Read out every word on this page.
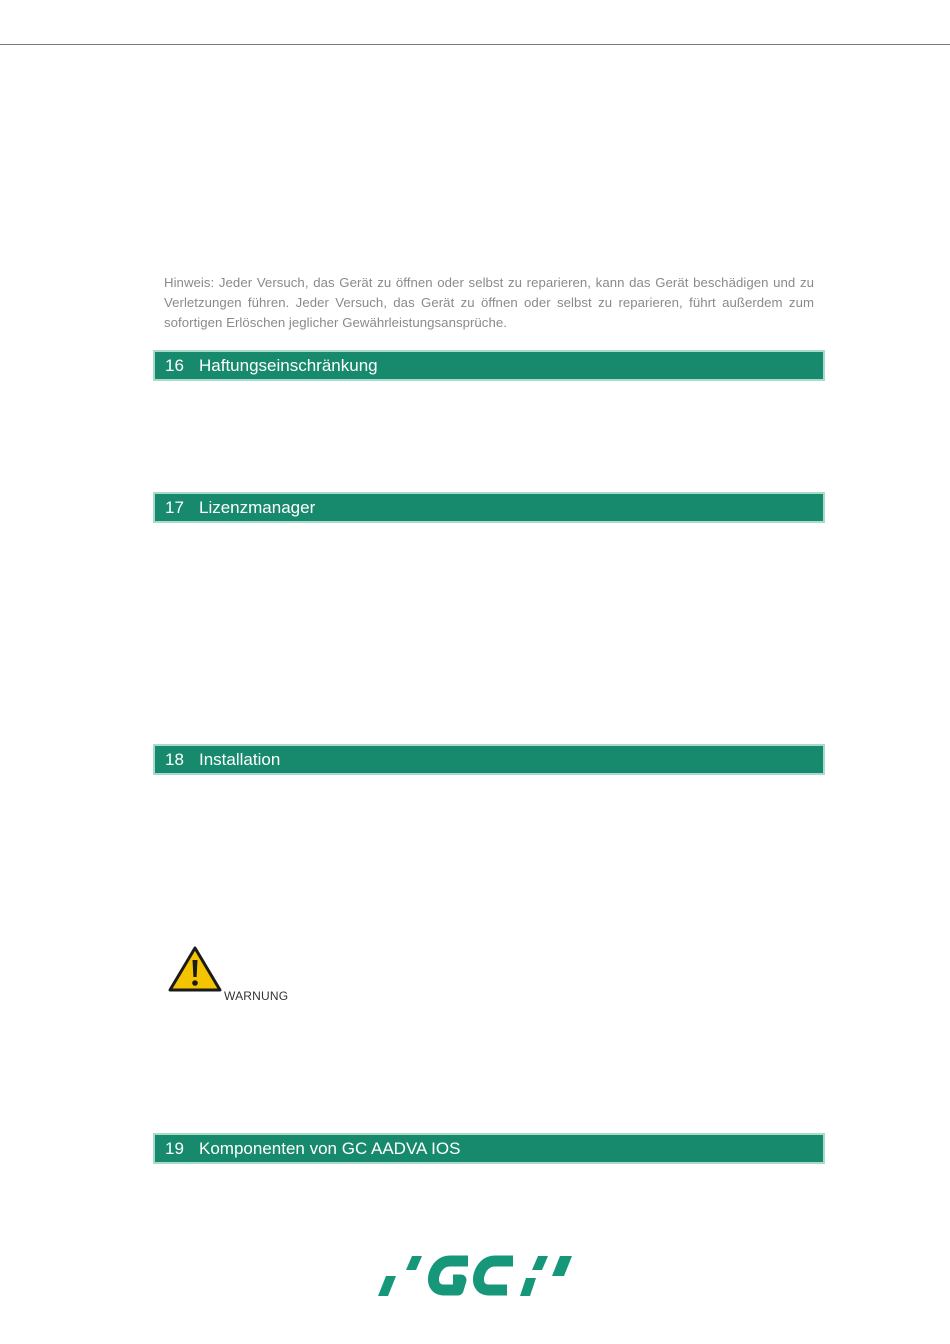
Hinweis: Jeder Versuch, das Gerät zu öffnen oder selbst zu reparieren, kann das Gerät beschädigen und zu Verletzungen führen. Jeder Versuch, das Gerät zu öffnen oder selbst zu reparieren, führt außerdem zum sofortigen Erlöschen jeglicher Gewährleistungsansprüche.

16 Haftungseinschränkung
17 Lizenzmanager
18 Installation
WARNUNG
19 Komponenten von GC AADVA IOS
